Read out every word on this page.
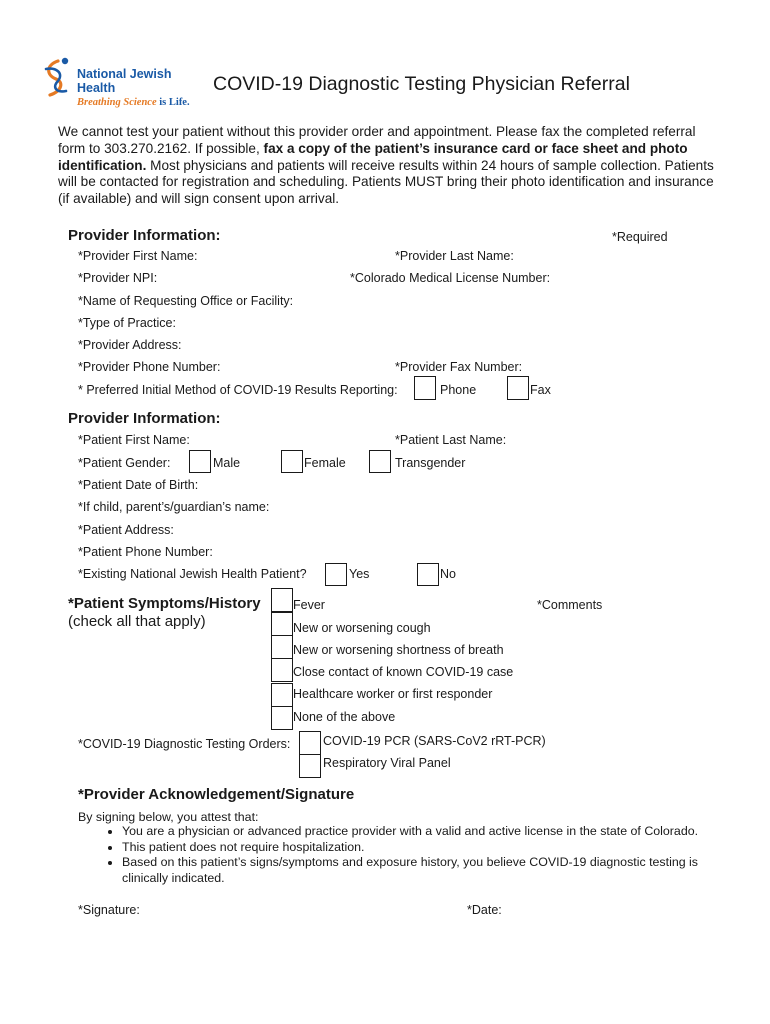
National Jewish
Health
Breathing Science is Life.
COVID-19 Diagnostic Testing Physician Referral

We cannot test your patient without this provider order and appointment. Please fax the completed referral form to 303.270.2162. If possible, fax a copy of the patient’s insurance card or face sheet and photo identification. Most physicians and patients will receive results within 24 hours of sample collection. Patients will be contacted for registration and scheduling. Patients MUST bring their photo identification and insurance (if available) and will sign consent upon arrival.

Provider Information:	*Required
*Provider First Name:	*Provider Last Name:
*Provider NPI:	*Colorado Medical License Number:
*Name of Requesting Office or Facility:
*Type of Practice:
*Provider Address:
*Provider Phone Number:	*Provider Fax Number:
* Preferred Initial Method of COVID-19 Results Reporting:	Phone	Fax
Provider Information:
*Patient First Name:	*Patient Last Name:
*Patient Gender:	Male	Female	Transgender
*Patient Date of Birth:
*If child, parent’s/guardian’s name:
*Patient Address:
*Patient Phone Number:
*Existing National Jewish Health Patient?	Yes	No
*Patient Symptoms/History
(check all that apply)
*Comments
Fever
New or worsening cough
New or worsening shortness of breath
Close contact of known COVID-19 case
Healthcare worker or first responder
None of the above
*COVID-19 Diagnostic Testing Orders:	COVID-19 PCR (SARS-CoV2 rRT-PCR)
Respiratory Viral Panel
*Provider Acknowledgement/Signature
By signing below, you attest that:
• You are a physician or advanced practice provider with a valid and active license in the state of Colorado.
• This patient does not require hospitalization.
• Based on this patient’s signs/symptoms and exposure history, you believe COVID-19 diagnostic testing is clinically indicated.
*Signature:	*Date:
